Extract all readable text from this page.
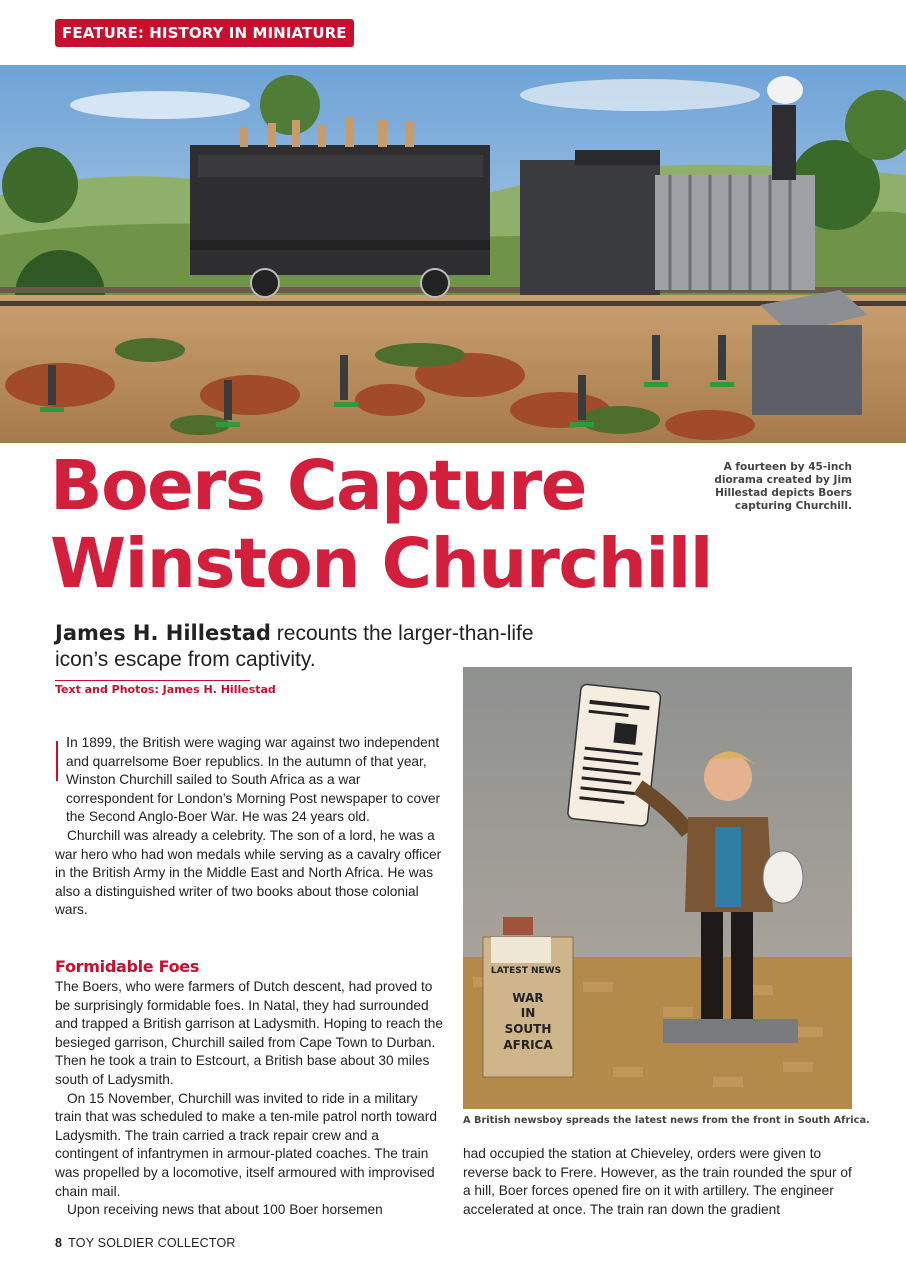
FEATURE: HISTORY IN MINIATURE
A fourteen by 45-inch diorama created by Jim Hillestad depicts Boers capturing Churchill.
Boers Capture
Winston Churchill
James H. Hillestad recounts the larger-than-life icon’s escape from captivity.
Text and Photos: James H. Hillestad

In 1899, the British were waging war against two independent and quarrelsome Boer republics. In the autumn of that year, Winston Churchill sailed to South Africa as a war correspondent for London’s Morning Post newspaper to cover the Second Anglo-Boer War. He was 24 years old.

Churchill was already a celebrity. The son of a lord, he was a war hero who had won medals while serving as a cavalry officer in the British Army in the Middle East and North Africa. He was also a distinguished writer of two books about those colonial wars.

Formidable Foes

The Boers, who were farmers of Dutch descent, had proved to be surprisingly formidable foes. In Natal, they had surrounded and trapped a British garrison at Ladysmith. Hoping to reach the besieged garrison, Churchill sailed from Cape Town to Durban. Then he took a train to Estcourt, a British base about 30 miles south of Ladysmith.

On 15 November, Churchill was invited to ride in a military train that was scheduled to make a ten-mile patrol north toward Ladysmith. The train carried a track repair crew and a contingent of infantrymen in armour-plated coaches. The train was propelled by a locomotive, itself armoured with improvised chain mail.

Upon receiving news that about 100 Boer horsemen

LATEST NEWS
WAR
IN
SOUTH
AFRICA
A British newsboy spreads the latest news from the front in South Africa.

had occupied the station at Chieveley, orders were given to reverse back to Frere. However, as the train rounded the spur of a hill, Boer forces opened fire on it with artillery. The engineer accelerated at once. The train ran down the gradient

8 TOY SOLDIER COLLECTOR
